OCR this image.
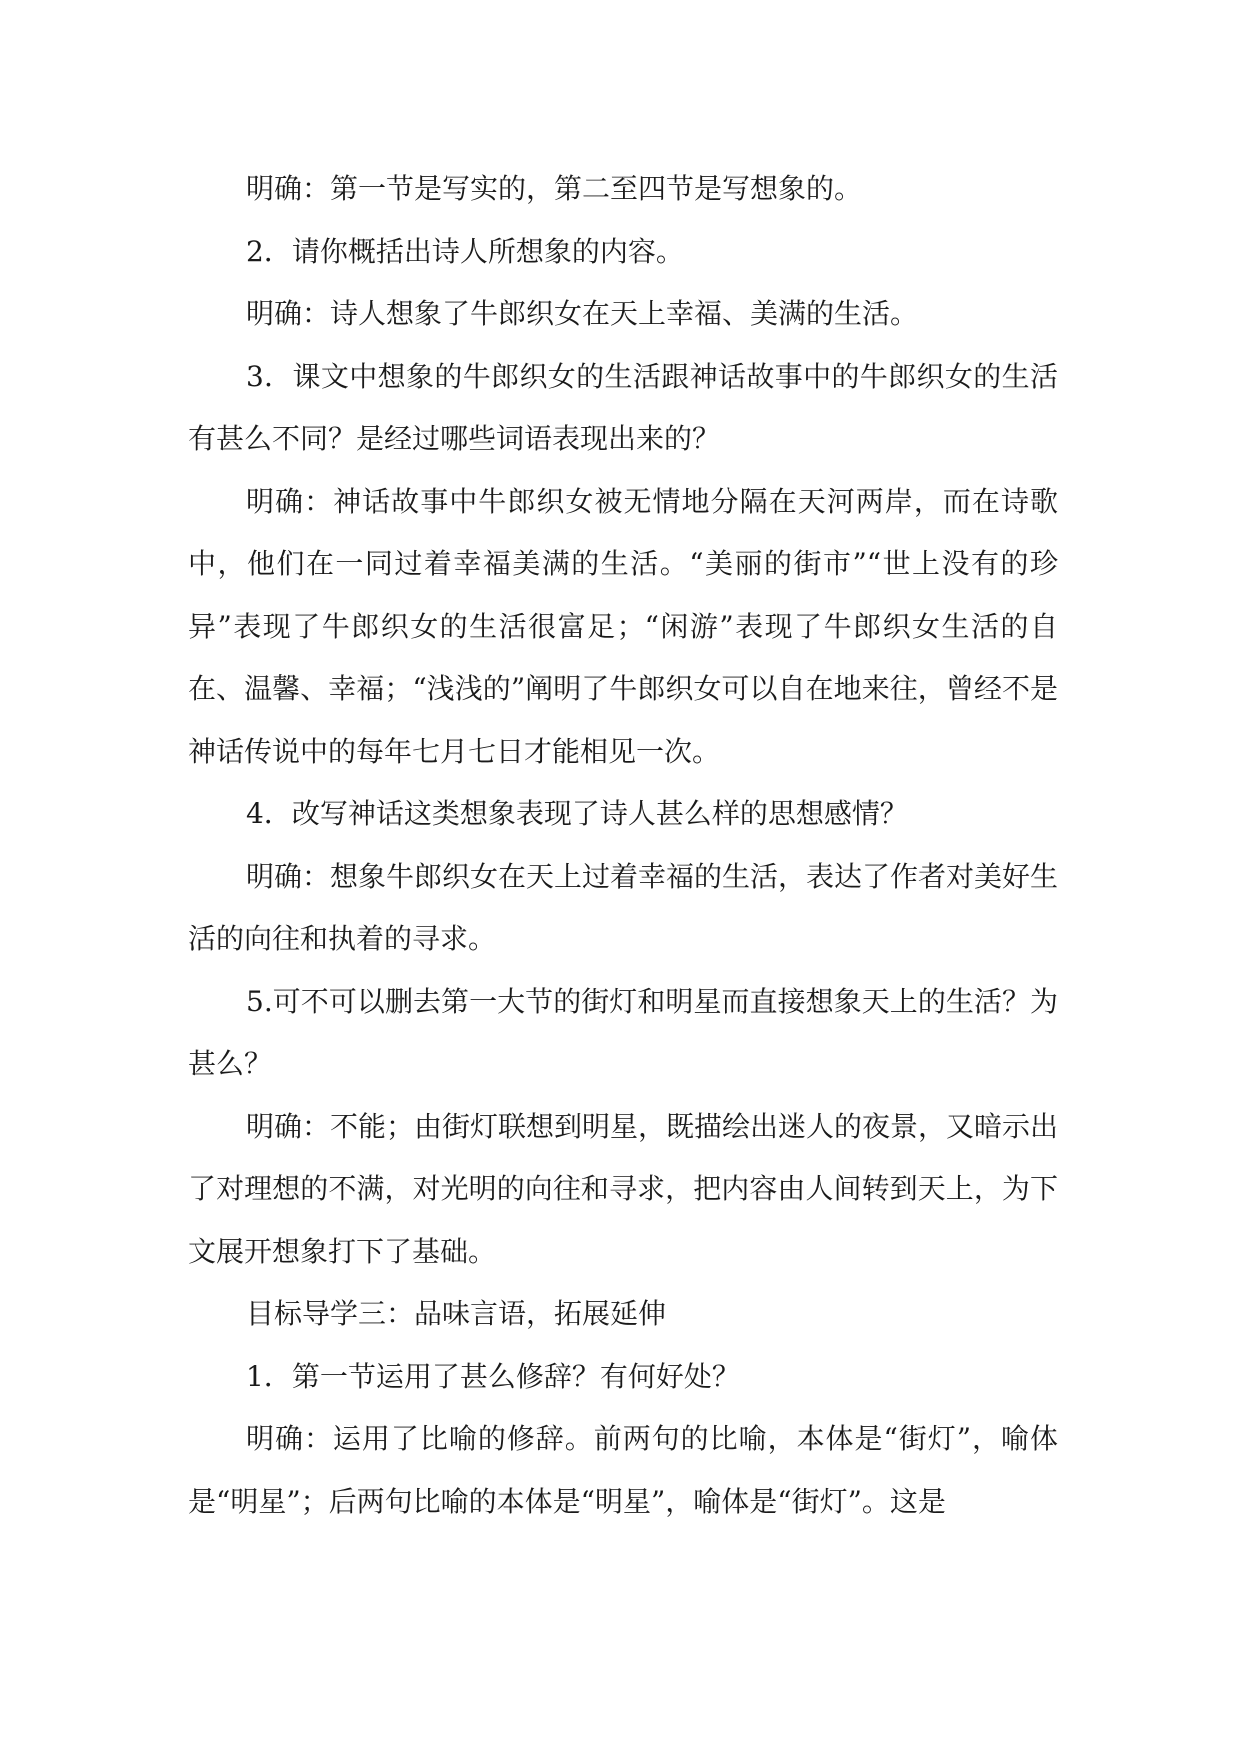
明确：第一节是写实的，第二至四节是写想象的。

2．请你概括出诗人所想象的内容。

明确：诗人想象了牛郎织女在天上幸福、美满的生活。

3．课文中想象的牛郎织女的生活跟神话故事中的牛郎织女的生活有甚么不同？是经过哪些词语表现出来的？

明确：神话故事中牛郎织女被无情地分隔在天河两岸，而在诗歌中，他们在一同过着幸福美满的生活。“美丽的街市”“世上没有的珍异”表现了牛郎织女的生活很富足；“闲游”表现了牛郎织女生活的自在、温馨、幸福；“浅浅的”阐明了牛郎织女可以自在地来往，曾经不是神话传说中的每年七月七日才能相见一次。

4．改写神话这类想象表现了诗人甚么样的思想感情？

明确：想象牛郎织女在天上过着幸福的生活，表达了作者对美好生活的向往和执着的寻求。

5.可不可以删去第一大节的街灯和明星而直接想象天上的生活？为甚么？

明确：不能；由街灯联想到明星，既描绘出迷人的夜景，又暗示出了对理想的不满，对光明的向往和寻求，把内容由人间转到天上，为下文展开想象打下了基础。

目标导学三：品味言语，拓展延伸

1．第一节运用了甚么修辞？有何好处？

明确：运用了比喻的修辞。前两句的比喻，本体是“街灯”，喻体是“明星”；后两句比喻的本体是“明星”，喻体是“街灯”。这是
